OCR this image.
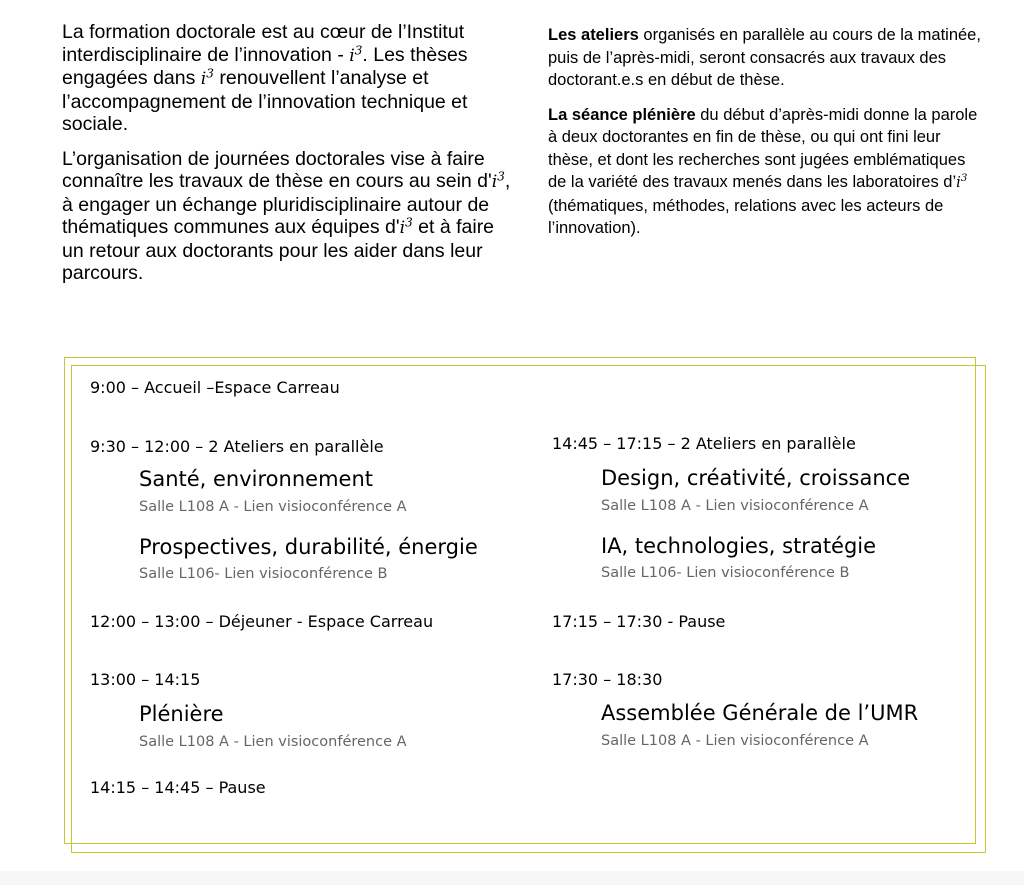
La formation doctorale est au cœur de l’Institut interdisciplinaire de l’innovation - $i^3$. Les thèses engagées dans $i^3$ renouvellent l’analyse et l’accompagnement de l’innovation technique et sociale.

L’organisation de journées doctorales vise à faire connaître les travaux de thèse en cours au sein $d'i^3$, à engager un échange pluridisciplinaire autour de thématiques communes aux équipes $d'i^3$ et à faire un retour aux doctorants pour les aider dans leur parcours.

Les ateliers organisés en parallèle au cours de la matinée, puis de l’après-midi, seront consacrés aux travaux des doctorant.e.s en début de thèse.

La séance plénière du début d’après-midi donne la parole à deux doctorantes en fin de thèse, ou qui ont fini leur thèse, et dont les recherches sont jugées emblématiques de la variété des travaux menés dans les laboratoires $d’i^3$ (thématiques, méthodes, relations avec les acteurs de l’innovation).

9:00 – Accueil –Espace Carreau
9:30 – 12:00 – 2 Ateliers en parallèle
Santé, environnement
Salle L108 A - Lien visioconférence A
Prospectives, durabilité, énergie
Salle L106- Lien visioconférence B
12:00 – 13:00 – Déjeuner - Espace Carreau
13:00 – 14:15
Plénière
Salle L108 A - Lien visioconférence A
14:15 – 14:45 – Pause
14:45 – 17:15 – 2 Ateliers en parallèle
Design, créativité, croissance
Salle L108 A - Lien visioconférence A
IA, technologies, stratégie
Salle L106- Lien visioconférence B
17:15 – 17:30 - Pause
17:30 – 18:30
Assemblée Générale de l’UMR
Salle L108 A - Lien visioconférence A
